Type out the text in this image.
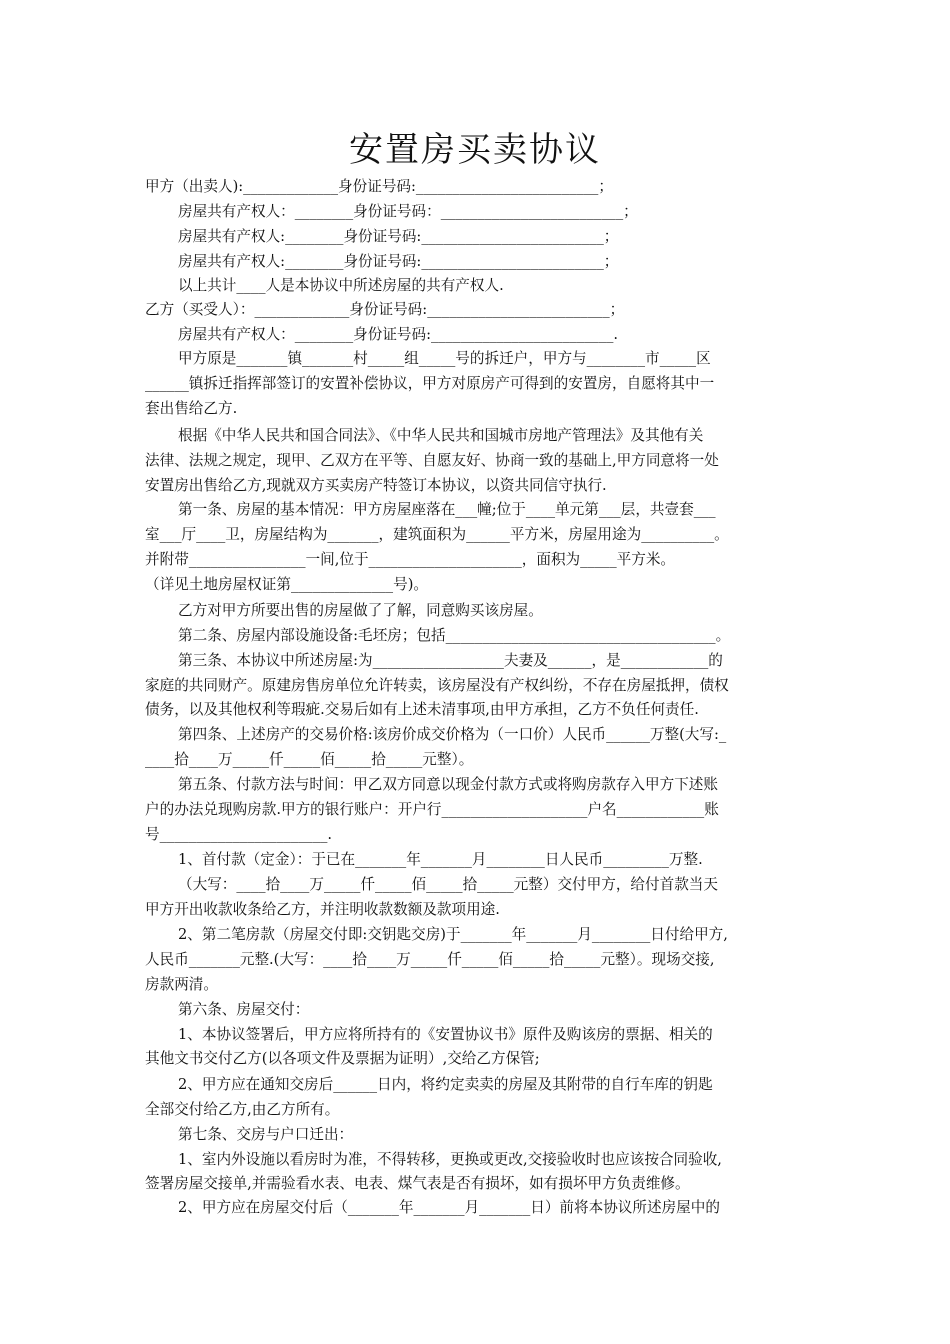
安置房买卖协议
甲方（出卖人):_____________身份证号码:_________________________；
房屋共有产权人：________身份证号码：_________________________；
房屋共有产权人:________身份证号码:_________________________；
房屋共有产权人:________身份证号码:_________________________；
以上共计____人是本协议中所述房屋的共有产权人.
乙方（买受人）：_____________身份证号码:_________________________；
房屋共有产权人：________身份证号码:_________________________.
甲方原是_______镇_______村_____组_____号的拆迁户，甲方与________市_____区
______镇拆迁指挥部签订的安置补偿协议，甲方对原房产可得到的安置房，自愿将其中一
套出售给乙方.
根据《中华人民共和国合同法》、《中华人民共和国城市房地产管理法》及其他有关
法律、法规之规定，现甲、乙双方在平等、自愿友好、协商一致的基础上,甲方同意将一处
安置房出售给乙方,现就双方买卖房产特签订本协议，以资共同信守执行.
第一条、房屋的基本情况：甲方房屋座落在___幢;位于____单元第___层，共壹套___
室___厅____卫，房屋结构为_______，建筑面积为______平方米，房屋用途为__________。
并附带________________一间,位于_____________________，面积为_____平方米。
（详见土地房屋权证第______________号)。
乙方对甲方所要出售的房屋做了了解，同意购买该房屋。
第二条、房屋内部设施设备:毛坯房；包括_____________________________________。
第三条、本协议中所述房屋:为__________________夫妻及______，是____________的
家庭的共同财产。原建房售房单位允许转卖，该房屋没有产权纠纷，不存在房屋抵押，债权
债务，以及其他权利等瑕疵.交易后如有上述未清事项,由甲方承担，乙方不负任何责任.
第四条、上述房产的交易价格:该房价成交价格为（一口价）人民币______万整(大写:_
____拾____万_____仟_____佰_____拾_____元整）。
第五条、付款方法与时间：甲乙双方同意以现金付款方式或将购房款存入甲方下述账
户的办法兑现购房款.甲方的银行账户：开户行____________________户名____________账
号_______________________.
1、首付款（定金）：于已在_______年_______月________日人民币_________万整.
（大写：____拾____万_____仟_____佰_____拾_____元整）交付甲方，给付首款当天
甲方开出收款收条给乙方，并注明收款数额及款项用途.
2、第二笔房款（房屋交付即:交钥匙交房)于_______年_______月________日付给甲方,
人民币_______元整.(大写：____拾____万_____仟_____佰_____拾_____元整）。现场交接,
房款两清。
第六条、房屋交付：
1、本协议签署后，甲方应将所持有的《安置协议书》原件及购该房的票据、相关的
其他文书交付乙方(以各项文件及票据为证明）,交给乙方保管;
2、甲方应在通知交房后______日内，将约定卖卖的房屋及其附带的自行车库的钥匙
全部交付给乙方,由乙方所有。
第七条、交房与户口迁出：
1、室内外设施以看房时为准，不得转移，更换或更改,交接验收时也应该按合同验收,
签署房屋交接单,并需验看水表、电表、煤气表是否有损坏，如有损坏甲方负责维修。
2、甲方应在房屋交付后（_______年_______月_______日）前将本协议所述房屋中的
